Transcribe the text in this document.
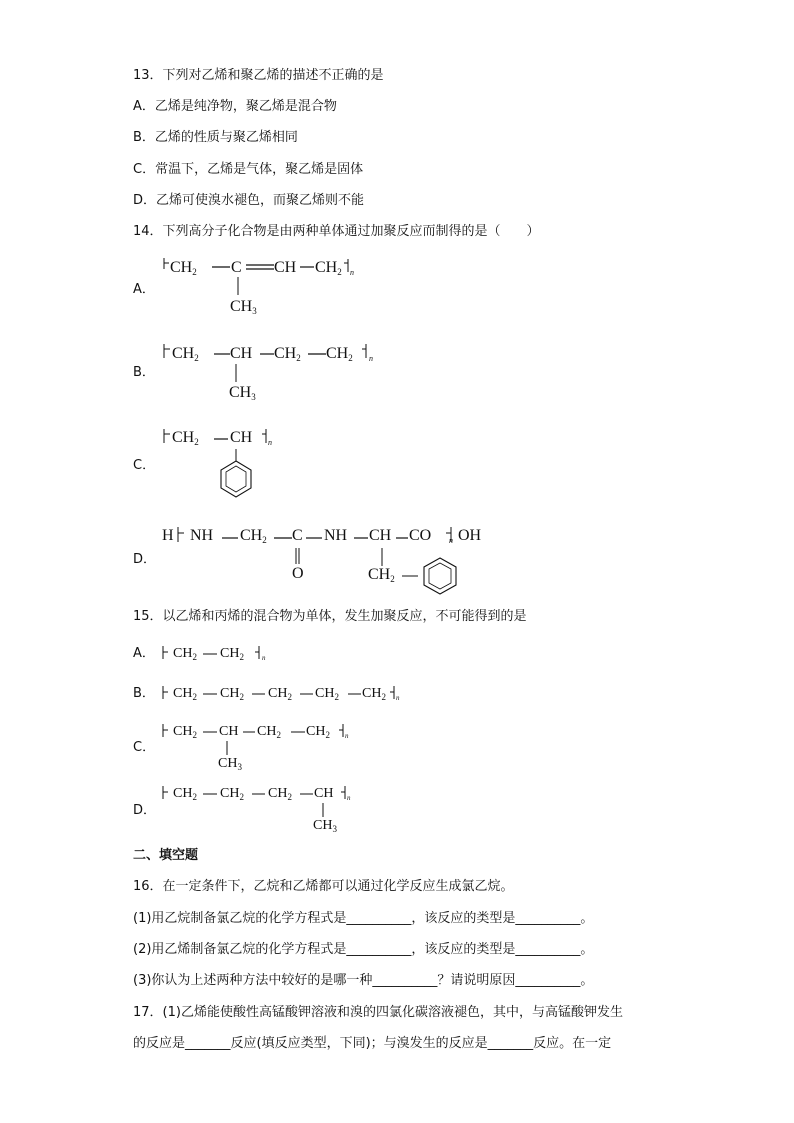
13．下列对乙烯和聚乙烯的描述不正确的是
A．乙烯是纯净物，聚乙烯是混合物
B．乙烯的性质与聚乙烯相同
C．常温下，乙烯是气体，聚乙烯是固体
D．乙烯可使溴水褪色，而聚乙烯则不能
14．下列高分子化合物是由两种单体通过加聚反应而制得的是（　　）
A．
$CH_2$ C CH $CH_2$ n
$CH_3$
B．
$CH_2$ CH $CH_2$ $CH_2$ n
$CH_3$
C．
$CH_2$ CH n
D．
H NH $CH_2$ C
O
NH CH CO n OH
$CH_2$
15．以乙烯和丙烯的混合物为单体，发生加聚反应，不可能得到的是
A． $CH_2$ $CH_2$	n
B． $CH_2$ $CH_2$ $CH_2$ $CH_2$ $CH_2$ n
C．
$CH_2$ CH $CH_2$ $CH_2$ n
$CH_3$
D．
$CH_2$ $CH_2$ $CH_2$ CH n
$CH_3$
二、填空题
16．在一定条件下，乙烷和乙烯都可以通过化学反应生成氯乙烷。
(1)用乙烷制备氯乙烷的化学方程式是__________，该反应的类型是__________。
(2)用乙烯制备氯乙烷的化学方程式是__________，该反应的类型是__________。
(3)你认为上述两种方法中较好的是哪一种__________？请说明原因__________。
17．(1)乙烯能使酸性高锰酸钾溶液和溴的四氯化碳溶液褪色，其中，与高锰酸钾发生
的反应是_______反应(填反应类型，下同)；与溴发生的反应是_______反应。在一定
